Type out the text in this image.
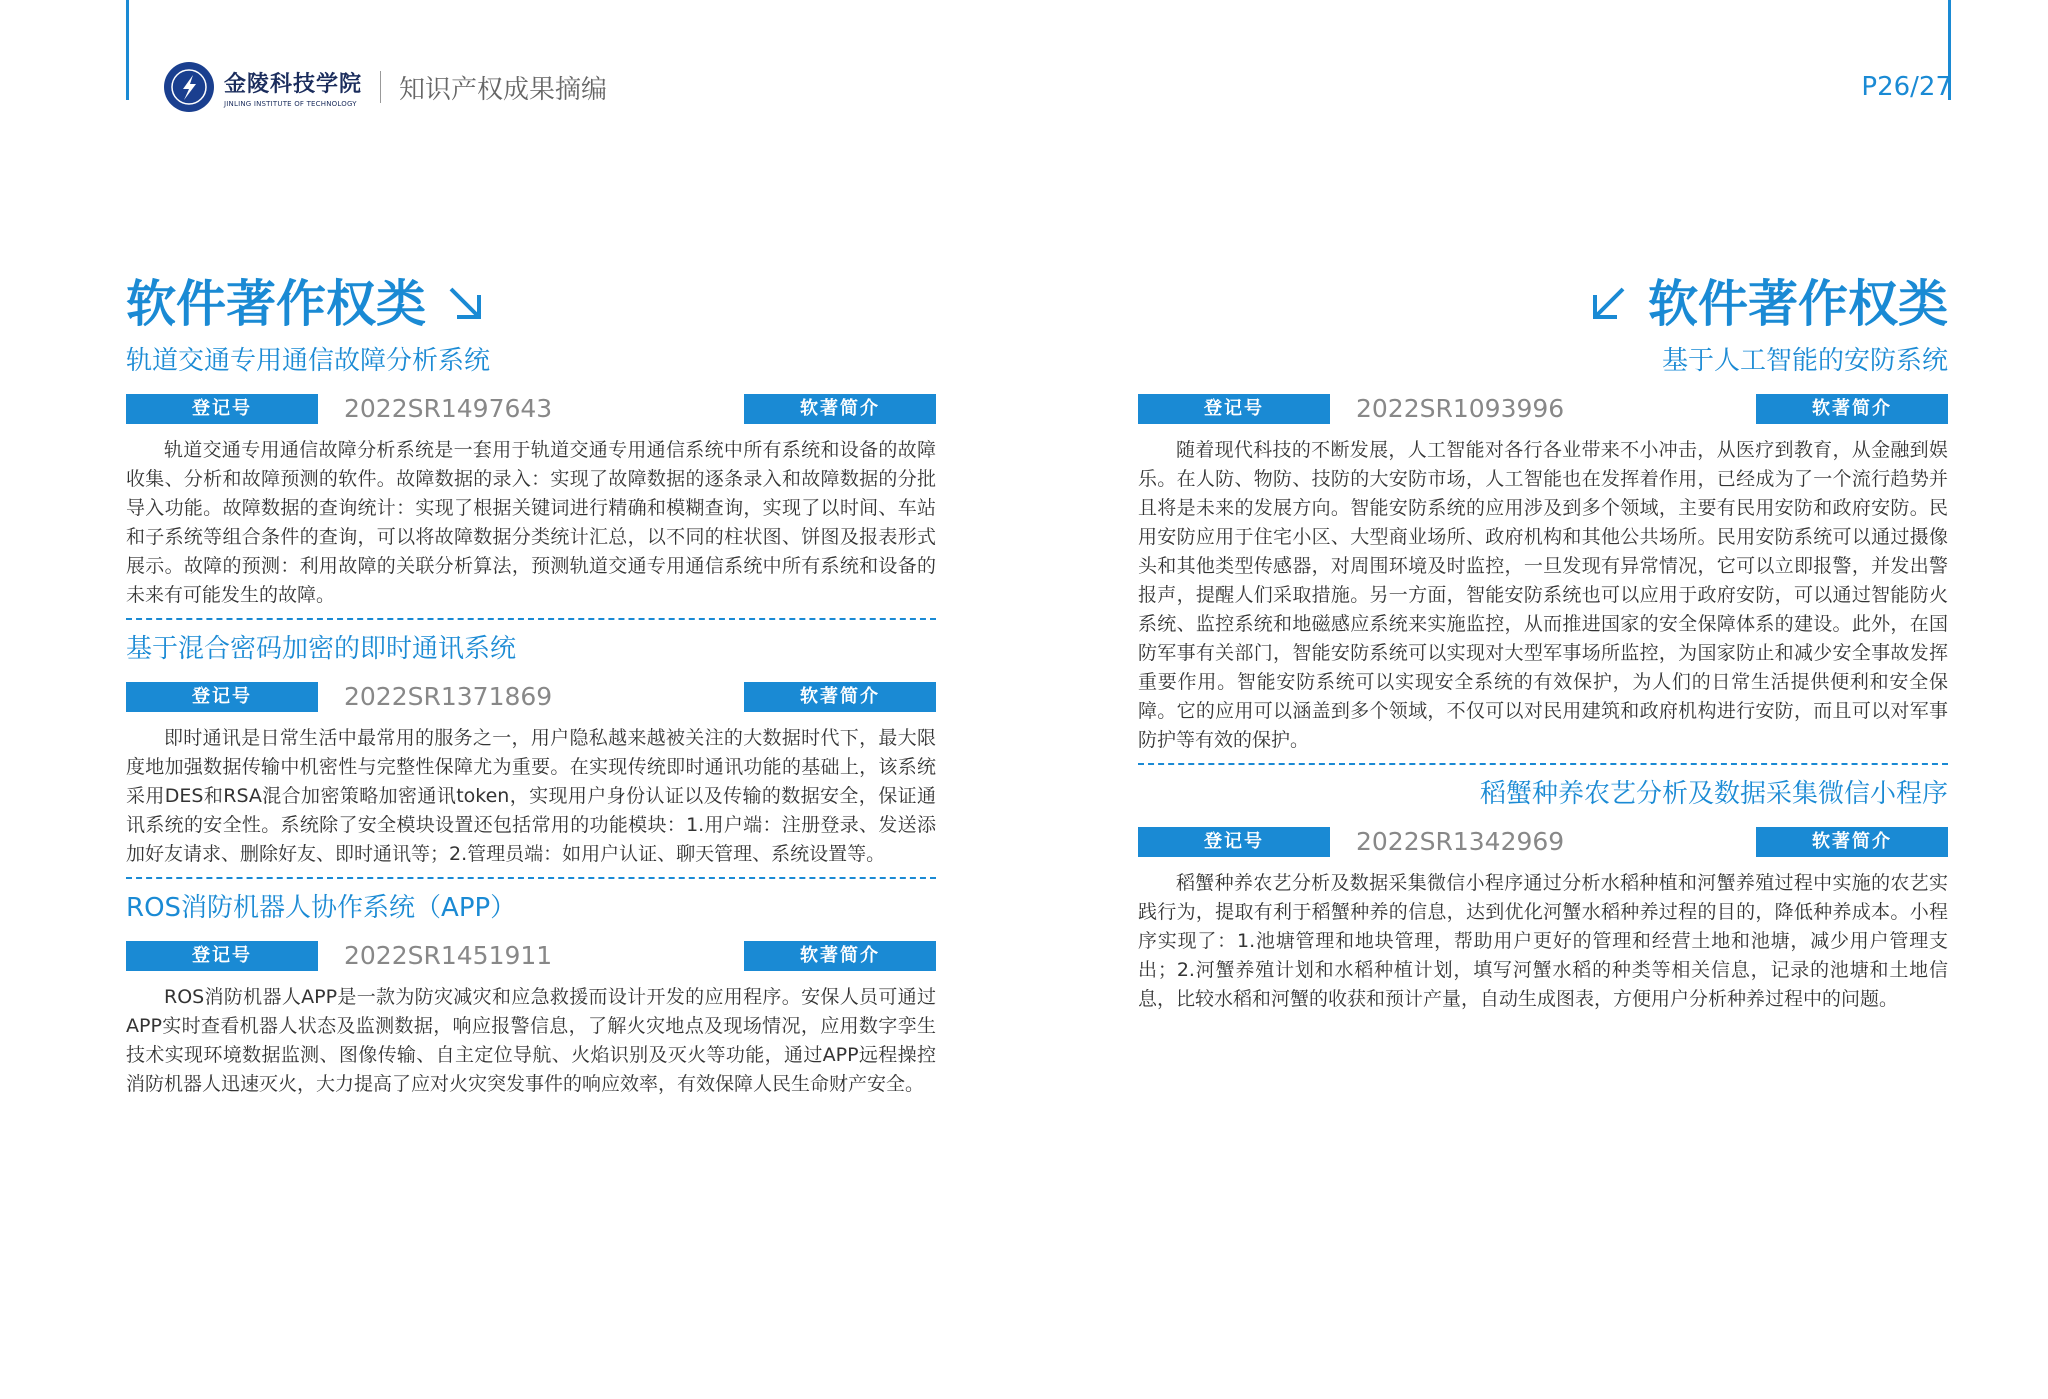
金陵科技学院
JINLING INSTITUTE OF TECHNOLOGY 知识产权成果摘编	P26/27
软件著作权类
轨道交通专用通信故障分析系统
登记号	2022SR1497643	软著简介
轨道交通专用通信故障分析系统是一套用于轨道交通专用通信系统中所有系统和设备的故障收集、分析和故障预测的软件。故障数据的录入：实现了故障数据的逐条录入和故障数据的分批导入功能。故障数据的查询统计：实现了根据关键词进行精确和模糊查询，实现了以时间、车站和子系统等组合条件的查询，可以将故障数据分类统计汇总，以不同的柱状图、饼图及报表形式展示。故障的预测：利用故障的关联分析算法，预测轨道交通专用通信系统中所有系统和设备的未来有可能发生的故障。
基于混合密码加密的即时通讯系统
登记号	2022SR1371869	软著简介
即时通讯是日常生活中最常用的服务之一，用户隐私越来越被关注的大数据时代下，最大限度地加强数据传输中机密性与完整性保障尤为重要。在实现传统即时通讯功能的基础上，该系统采用DES和RSA混合加密策略加密通讯token，实现用户身份认证以及传输的数据安全，保证通讯系统的安全性。系统除了安全模块设置还包括常用的功能模块：1.用户端：注册登录、发送添加好友请求、删除好友、即时通讯等；2.管理员端：如用户认证、聊天管理、系统设置等。
ROS消防机器人协作系统（APP）
登记号	2022SR1451911	软著简介
ROS消防机器人APP是一款为防灾减灾和应急救援而设计开发的应用程序。安保人员可通过APP实时查看机器人状态及监测数据，响应报警信息，了解火灾地点及现场情况，应用数字孪生技术实现环境数据监测、图像传输、自主定位导航、火焰识别及灭火等功能，通过APP远程操控消防机器人迅速灭火，大力提高了应对火灾突发事件的响应效率，有效保障人民生命财产安全。
软件著作权类
基于人工智能的安防系统
登记号	2022SR1093996	软著简介
随着现代科技的不断发展，人工智能对各行各业带来不小冲击，从医疗到教育，从金融到娱乐。在人防、物防、技防的大安防市场，人工智能也在发挥着作用，已经成为了一个流行趋势并且将是未来的发展方向。智能安防系统的应用涉及到多个领域，主要有民用安防和政府安防。民用安防应用于住宅小区、大型商业场所、政府机构和其他公共场所。民用安防系统可以通过摄像头和其他类型传感器，对周围环境及时监控，一旦发现有异常情况，它可以立即报警，并发出警报声，提醒人们采取措施。另一方面，智能安防系统也可以应用于政府安防，可以通过智能防火系统、监控系统和地磁感应系统来实施监控，从而推进国家的安全保障体系的建设。此外，在国防军事有关部门，智能安防系统可以实现对大型军事场所监控，为国家防止和减少安全事故发挥重要作用。智能安防系统可以实现安全系统的有效保护，为人们的日常生活提供便利和安全保障。它的应用可以涵盖到多个领域，不仅可以对民用建筑和政府机构进行安防，而且可以对军事防护等有效的保护。
稻蟹种养农艺分析及数据采集微信小程序
登记号	2022SR1342969	软著简介
稻蟹种养农艺分析及数据采集微信小程序通过分析水稻种植和河蟹养殖过程中实施的农艺实践行为，提取有利于稻蟹种养的信息，达到优化河蟹水稻种养过程的目的，降低种养成本。小程序实现了：1.池塘管理和地块管理，帮助用户更好的管理和经营土地和池塘，减少用户管理支出；2.河蟹养殖计划和水稻种植计划，填写河蟹水稻的种类等相关信息，记录的池塘和土地信息，比较水稻和河蟹的收获和预计产量，自动生成图表，方便用户分析种养过程中的问题。
